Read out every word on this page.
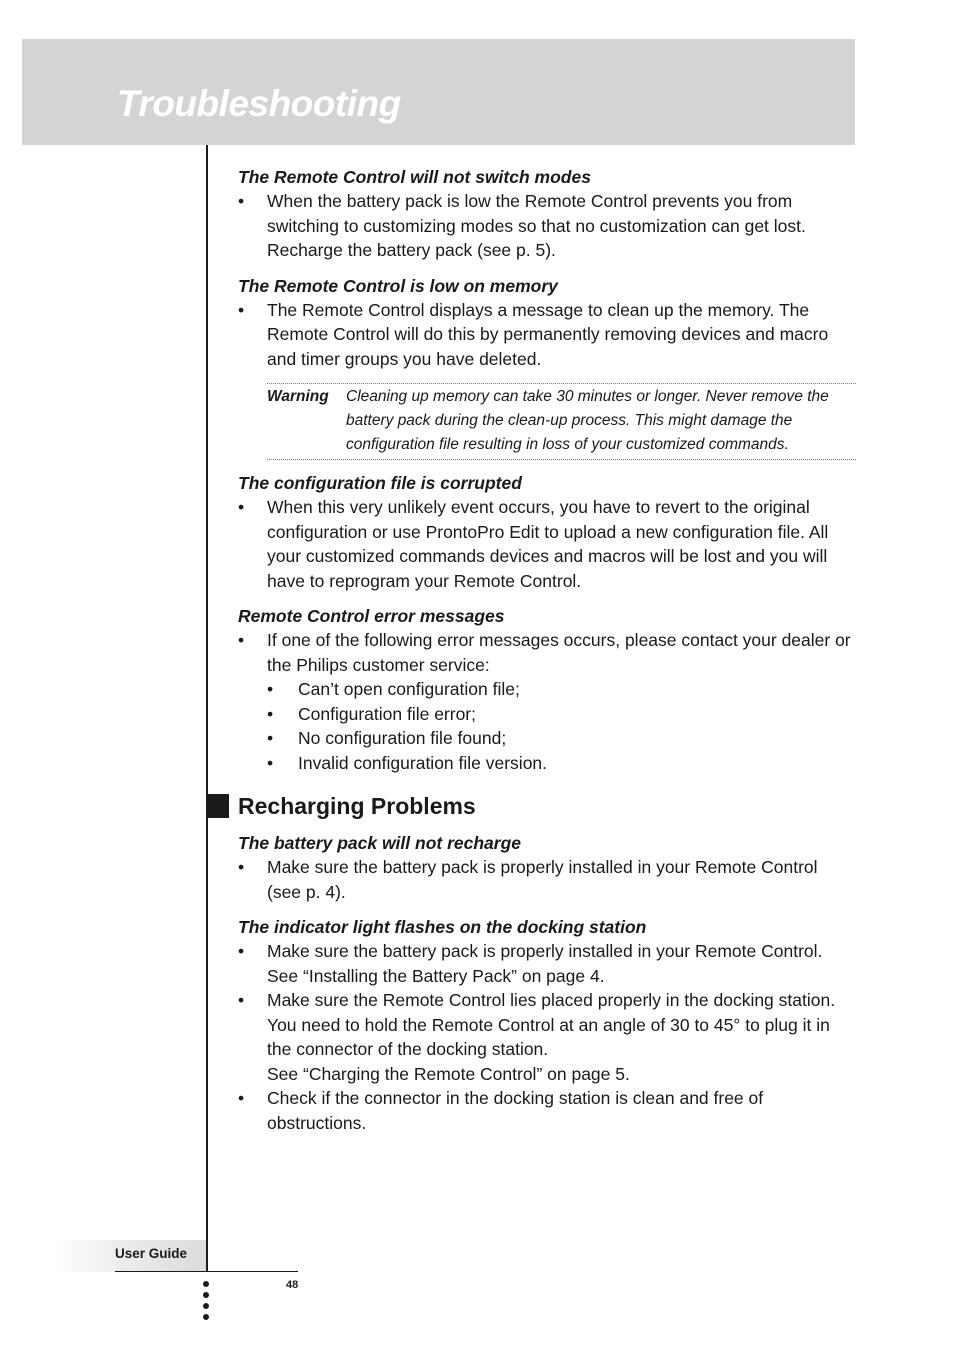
Troubleshooting
The Remote Control will not switch modes
• When the battery pack is low the Remote Control prevents you from switching to customizing modes so that no customization can get lost. Recharge the battery pack (see p. 5).
The Remote Control is low on memory
• The Remote Control displays a message to clean up the memory. The Remote Control will do this by permanently removing devices and macro and timer groups you have deleted.
Warning	Cleaning up memory can take 30 minutes or longer. Never remove the battery pack during the clean-up process. This might damage the configuration file resulting in loss of your customized commands.
The configuration file is corrupted
• When this very unlikely event occurs, you have to revert to the original configuration or use ProntoPro Edit to upload a new configuration file. All your customized commands devices and macros will be lost and you will have to reprogram your Remote Control.
Remote Control error messages
• If one of the following error messages occurs, please contact your dealer or the Philips customer service:
• Can’t open configuration file;
• Configuration file error;
• No configuration file found;
• Invalid configuration file version.
Recharging Problems
The battery pack will not recharge
• Make sure the battery pack is properly installed in your Remote Control (see p. 4).
The indicator light flashes on the docking station
• Make sure the battery pack is properly installed in your Remote Control.
See “Installing the Battery Pack” on page 4.
• Make sure the Remote Control lies placed properly in the docking station.
You need to hold the Remote Control at an angle of 30 to 45° to plug it in the connector of the docking station.
See “Charging the Remote Control” on page 5.
• Check if the connector in the docking station is clean and free of obstructions.
User Guide
48
